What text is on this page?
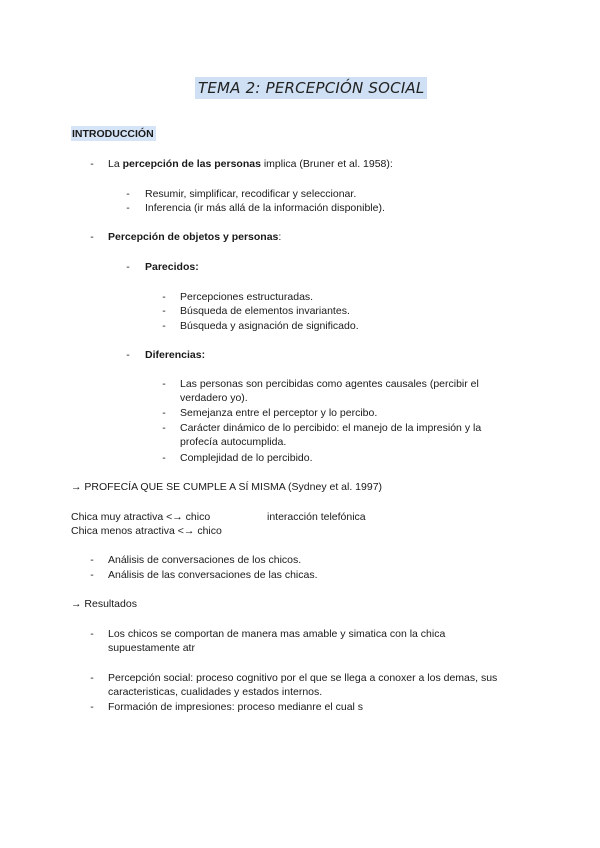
TEMA 2: PERCEPCIÓN SOCIAL
INTRODUCCIÓN
- La percepción de las personas implica (Bruner et al. 1958):
- Resumir, simplificar, recodificar y seleccionar.
- Inferencia (ir más allá de la información disponible).
- Percepción de objetos y personas:
- Parecidos:
- Percepciones estructuradas.
- Búsqueda de elementos invariantes.
- Búsqueda y asignación de significado.
- Diferencias:
- Las personas son percibidas como agentes causales (percibir el verdadero yo).
- Semejanza entre el perceptor y lo percibo.
- Carácter dinámico de lo percibido: el manejo de la impresión y la profecía autocumplida.
- Complejidad de lo percibido.
→ PROFECÍA QUE SE CUMPLE A SÍ MISMA (Sydney et al. 1997)
Chica muy atractiva <→ chico	interacción telefónica
Chica menos atractiva <→ chico
- Análisis de conversaciones de los chicos.
- Análisis de las conversaciones de las chicas.
→ Resultados
- Los chicos se comportan de manera mas amable y simatica con la chica supuestamente atr
- Percepción social: proceso cognitivo por el que se llega a conoxer a los demas, sus caracteristicas, cualidades y estados internos.
- Formación de impresiones: proceso medianre el cual s
